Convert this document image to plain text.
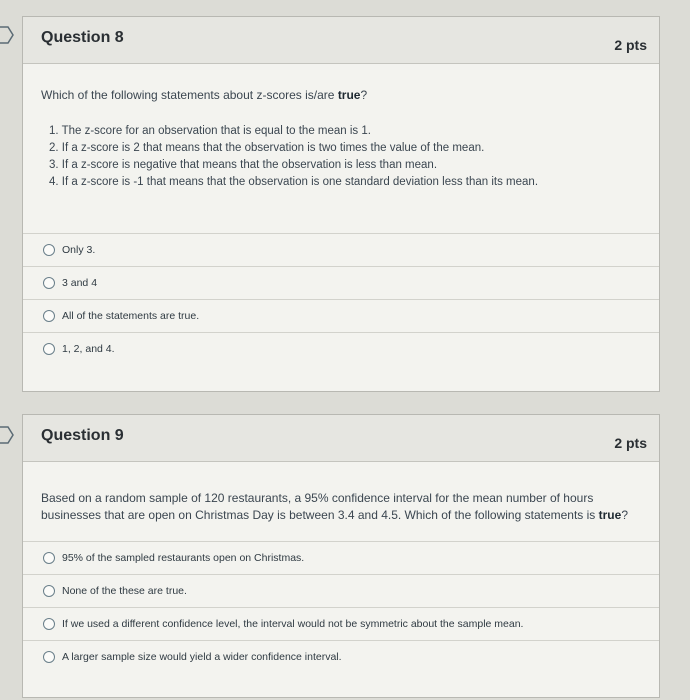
Question 8	2 pts

Which of the following statements about z-scores is/are true?

1. The z-score for an observation that is equal to the mean is 1.
2. If a z-score is 2 that means that the observation is two times the value of the mean.
3. If a z-score is negative that means that the observation is less than mean.
4. If a z-score is -1 that means that the observation is one standard deviation less than its mean.
Only 3.
3 and 4
All of the statements are true.
1, 2, and 4.
Question 9	2 pts

Based on a random sample of 120 restaurants, a 95% confidence interval for the mean number of hours businesses that are open on Christmas Day is between 3.4 and 4.5. Which of the following statements is true?

95% of the sampled restaurants open on Christmas.
None of the these are true.
If we used a different confidence level, the interval would not be symmetric about the sample mean.
A larger sample size would yield a wider confidence interval.
